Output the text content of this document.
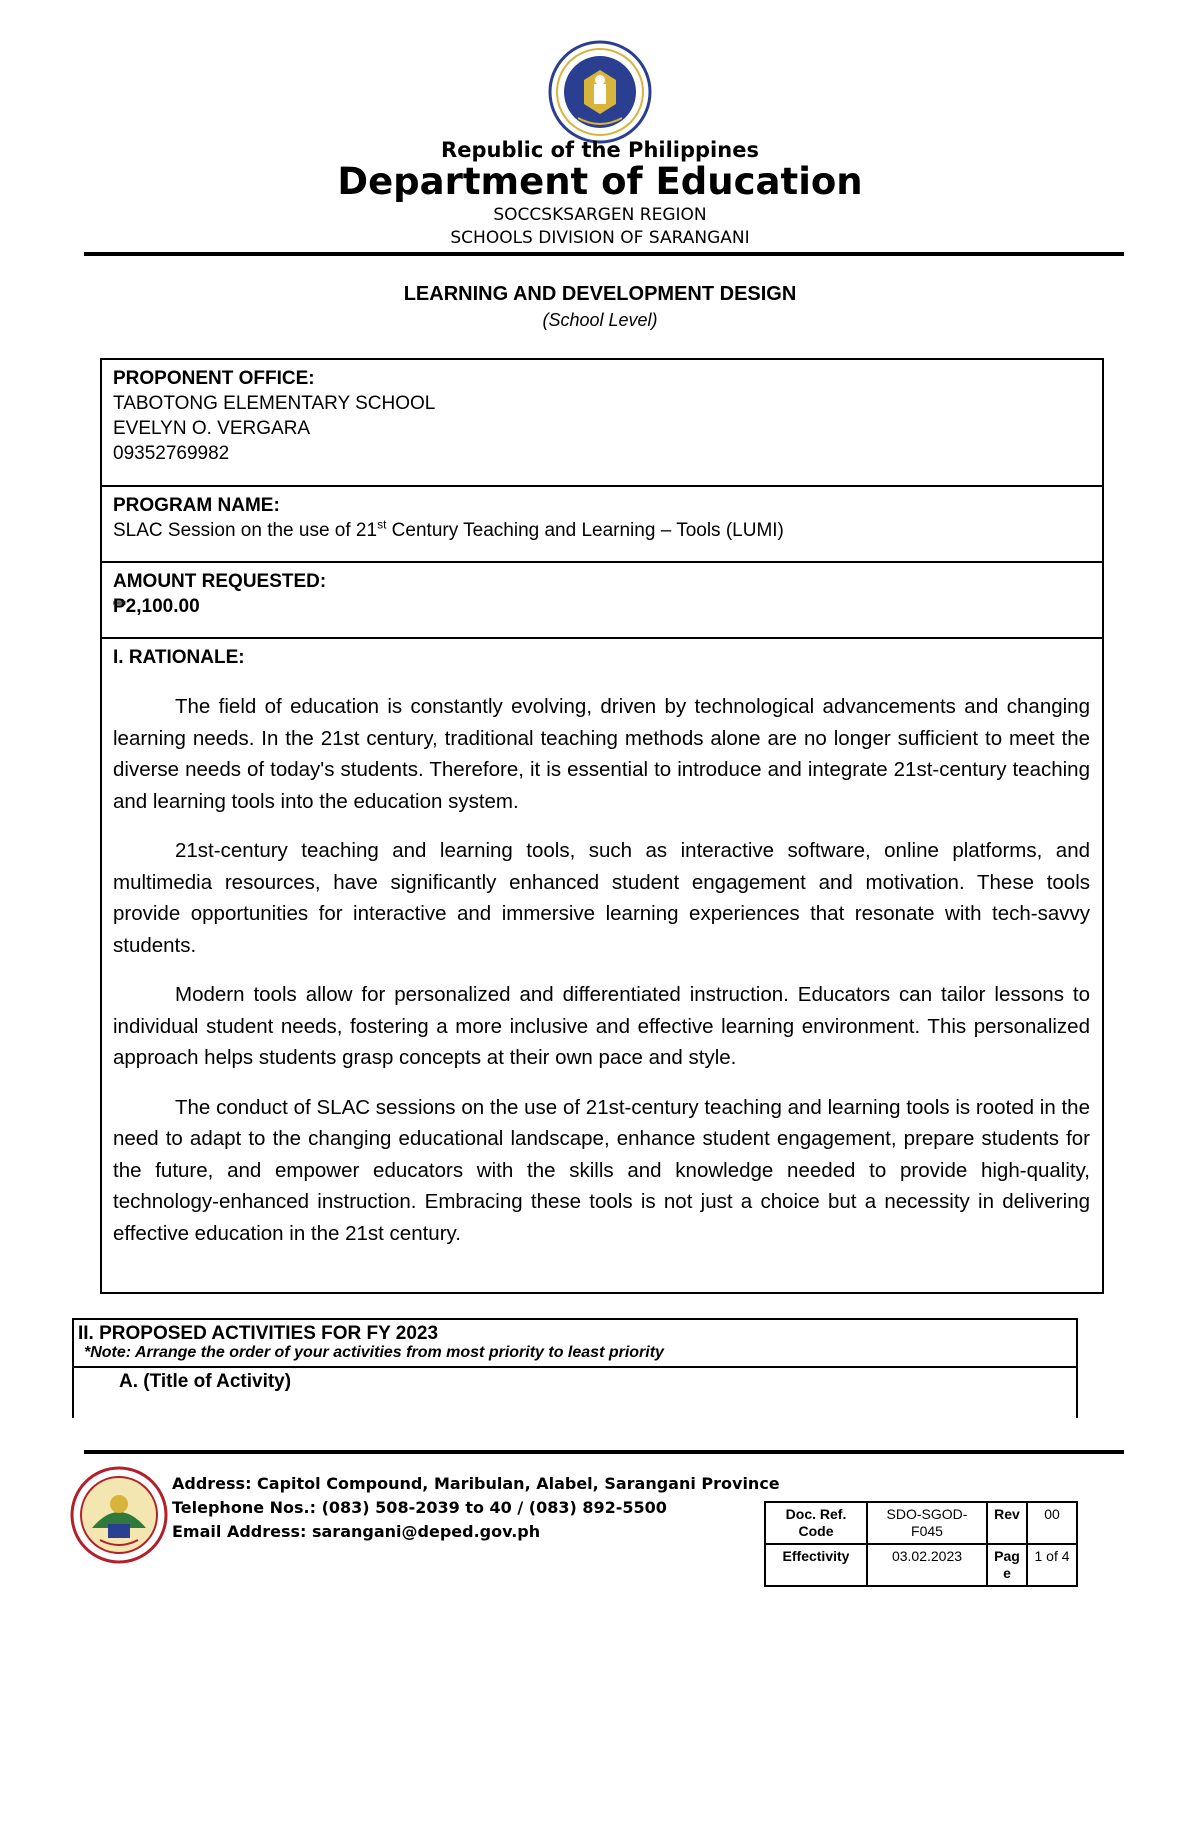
Republic of the Philippines
Department of Education
SOCCSKSARGEN REGION
SCHOOLS DIVISION OF SARANGANI
LEARNING AND DEVELOPMENT DESIGN
(School Level)
PROPONENT OFFICE:
TABOTONG ELEMENTARY SCHOOL
EVELYN O. VERGARA
09352769982
PROGRAM NAME:
SLAC Session on the use of 21st Century Teaching and Learning – Tools (LUMI)
AMOUNT REQUESTED:
₱2,100.00
I. RATIONALE:

The field of education is constantly evolving, driven by technological advancements and changing learning needs. In the 21st century, traditional teaching methods alone are no longer sufficient to meet the diverse needs of today's students. Therefore, it is essential to introduce and integrate 21st-century teaching and learning tools into the education system.

21st-century teaching and learning tools, such as interactive software, online platforms, and multimedia resources, have significantly enhanced student engagement and motivation. These tools provide opportunities for interactive and immersive learning experiences that resonate with tech-savvy students.

Modern tools allow for personalized and differentiated instruction. Educators can tailor lessons to individual student needs, fostering a more inclusive and effective learning environment. This personalized approach helps students grasp concepts at their own pace and style.

The conduct of SLAC sessions on the use of 21st-century teaching and learning tools is rooted in the need to adapt to the changing educational landscape, enhance student engagement, prepare students for the future, and empower educators with the skills and knowledge needed to provide high-quality, technology-enhanced instruction. Embracing these tools is not just a choice but a necessity in delivering effective education in the 21st century.

II. PROPOSED ACTIVITIES FOR FY 2023
*Note: Arrange the order of your activities from most priority to least priority
A. (Title of Activity)
Address: Capitol Compound, Maribulan, Alabel, Sarangani Province
Telephone Nos.: (083) 508-2039 to 40 / (083) 892-5500
Email Address: sarangani@deped.gov.ph
Doc. Ref. Code	SDO-SGOD-F045	Rev	00
Effectivity	03.02.2023	Page	1 of 4
